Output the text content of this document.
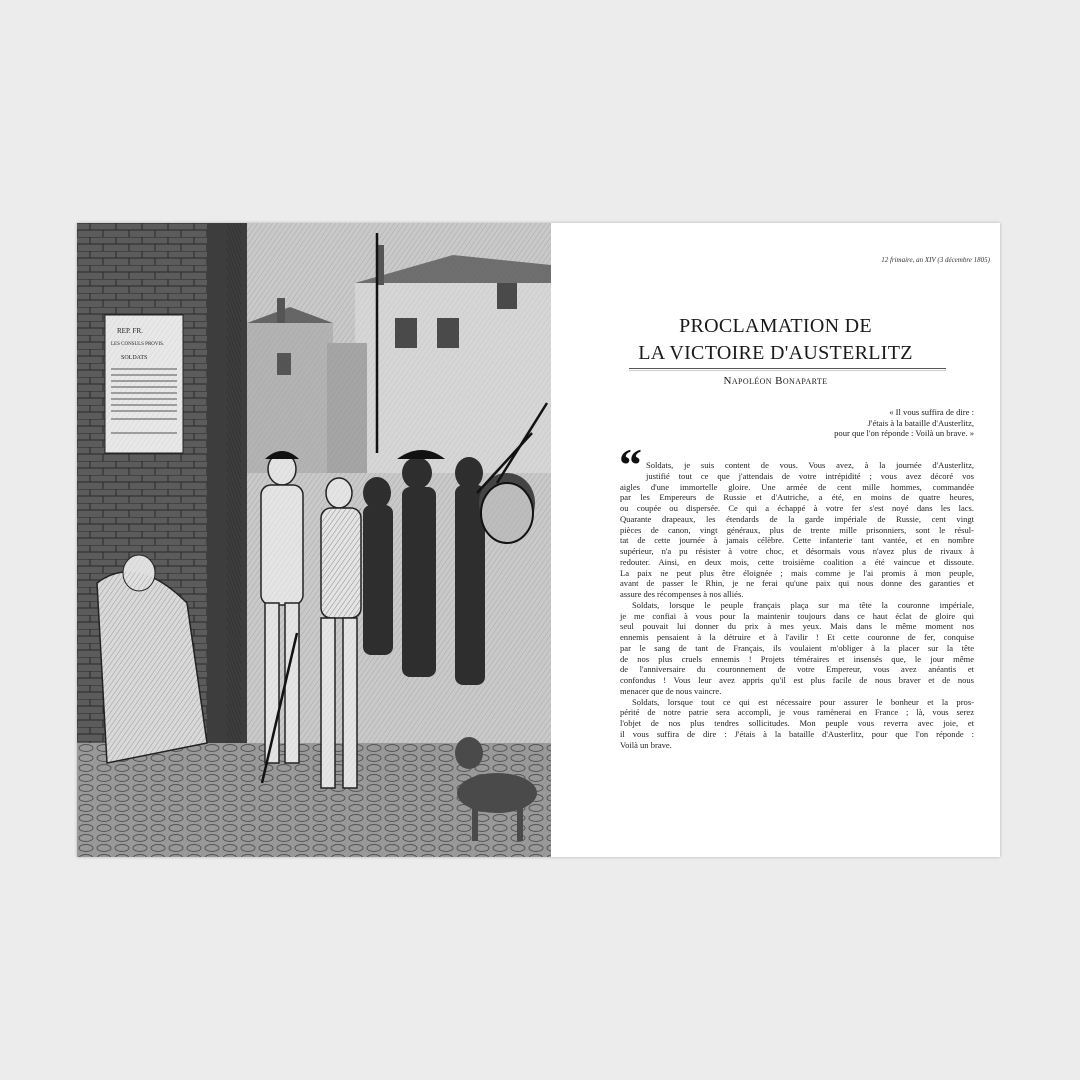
REP. FR.
LES CONSULS PROVIS.
SOLDATS
12 frimaire, an XIV (3 décembre 1805)
PROCLAMATION DE
LA VICTOIRE D'AUSTERLITZ
Napoléon Bonaparte
« Il vous suffira de dire :
J'étais à la bataille d'Austerlitz,
pour que l'on réponde : Voilà un brave. »
“ Soldats, je suis content de vous. Vous avez, à la journée d'Austerlitz,
justifié tout ce que j'attendais de votre intrépidité ; vous avez décoré vos
aigles d'une immortelle gloire. Une armée de cent mille hommes, commandée
par les Empereurs de Russie et d'Autriche, a été, en moins de quatre heures,
ou coupée ou dispersée. Ce qui a échappé à votre fer s'est noyé dans les lacs.
Quarante drapeaux, les étendards de la garde impériale de Russie, cent vingt
pièces de canon, vingt généraux, plus de trente mille prisonniers, sont le résul-
tat de cette journée à jamais célèbre. Cette infanterie tant vantée, et en nombre
supérieur, n'a pu résister à votre choc, et désormais vous n'avez plus de rivaux à
redouter. Ainsi, en deux mois, cette troisième coalition a été vaincue et dissoute.
La paix ne peut plus être éloignée ; mais comme je l'ai promis à mon peuple,
avant de passer le Rhin, je ne ferai qu'une paix qui nous donne des garanties et
assure des récompenses à nos alliés.
Soldats, lorsque le peuple français plaça sur ma tête la couronne impériale,
je me confiai à vous pour la maintenir toujours dans ce haut éclat de gloire qui
seul pouvait lui donner du prix à mes yeux. Mais dans le même moment nos
ennemis pensaient à la détruire et à l'avilir ! Et cette couronne de fer, conquise
par le sang de tant de Français, ils voulaient m'obliger à la placer sur la tête
de nos plus cruels ennemis ! Projets téméraires et insensés que, le jour même
de l'anniversaire du couronnement de votre Empereur, vous avez anéantis et
confondus ! Vous leur avez appris qu'il est plus facile de nous braver et de nous
menacer que de nous vaincre.
Soldats, lorsque tout ce qui est nécessaire pour assurer le bonheur et la pros-
périté de notre patrie sera accompli, je vous ramènerai en France ; là, vous serez
l'objet de nos plus tendres sollicitudes. Mon peuple vous reverra avec joie, et
il vous suffira de dire : J'étais à la bataille d'Austerlitz, pour que l'on réponde :
Voilà un brave.
